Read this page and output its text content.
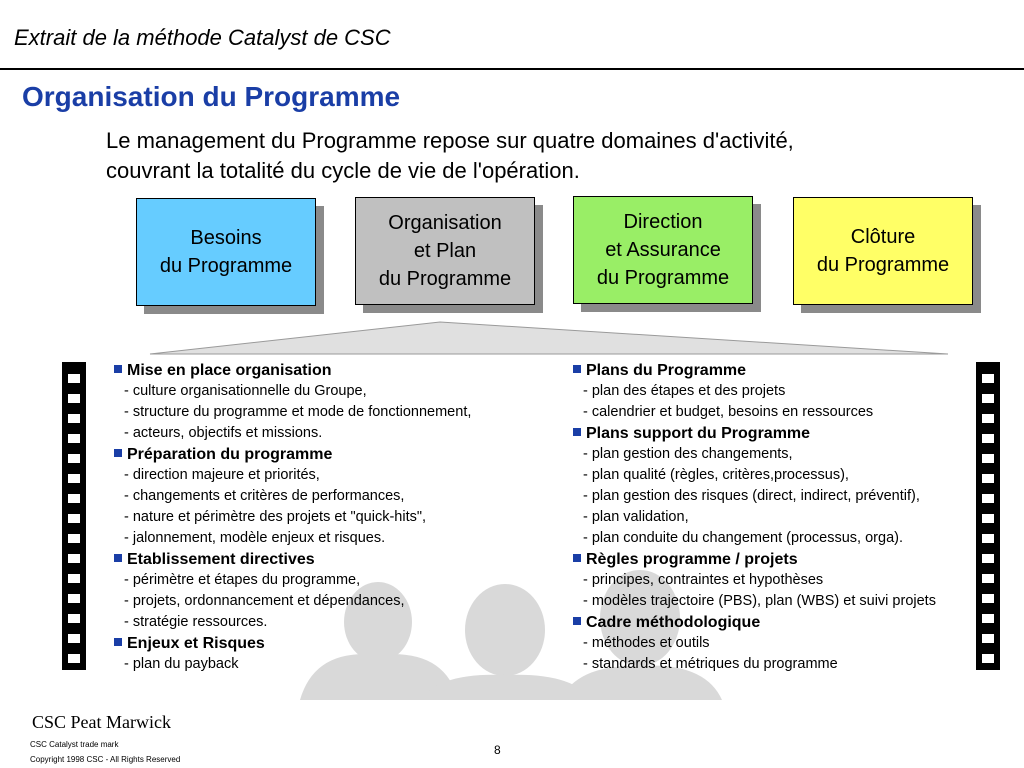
Extrait de la méthode Catalyst de CSC
Organisation du Programme
Le management du Programme repose sur quatre domaines d'activité,
couvrant la totalité du cycle de vie de l'opération.
Besoins
du Programme
Organisation
et Plan
du Programme
Direction
et Assurance
du Programme
Clôture
du Programme
Mise en place organisation
- culture organisationnelle du Groupe,
- structure du programme et mode de fonctionnement,
- acteurs, objectifs et missions.
Préparation du programme
- direction majeure et priorités,
- changements et critères de performances,
- nature et périmètre des projets et "quick-hits",
- jalonnement, modèle enjeux et risques.
Etablissement directives
- périmètre et étapes du programme,
- projets, ordonnancement et dépendances,
- stratégie ressources.
Enjeux et Risques
- plan du payback
Plans du Programme
- plan des étapes et des projets
- calendrier et budget, besoins en ressources
Plans support du Programme
- plan gestion des changements,
- plan qualité (règles, critères,processus),
- plan gestion des risques (direct, indirect, préventif),
- plan validation,
- plan conduite du changement (processus, orga).
Règles programme / projets
- principes, contraintes et hypothèses
- modèles trajectoire (PBS), plan (WBS) et suivi projets
Cadre méthodologique
- méthodes et outils
- standards et métriques du programme
CSC Peat Marwick
CSC Catalyst trade mark
Copyright 1998 CSC - All Rights Reserved
8
